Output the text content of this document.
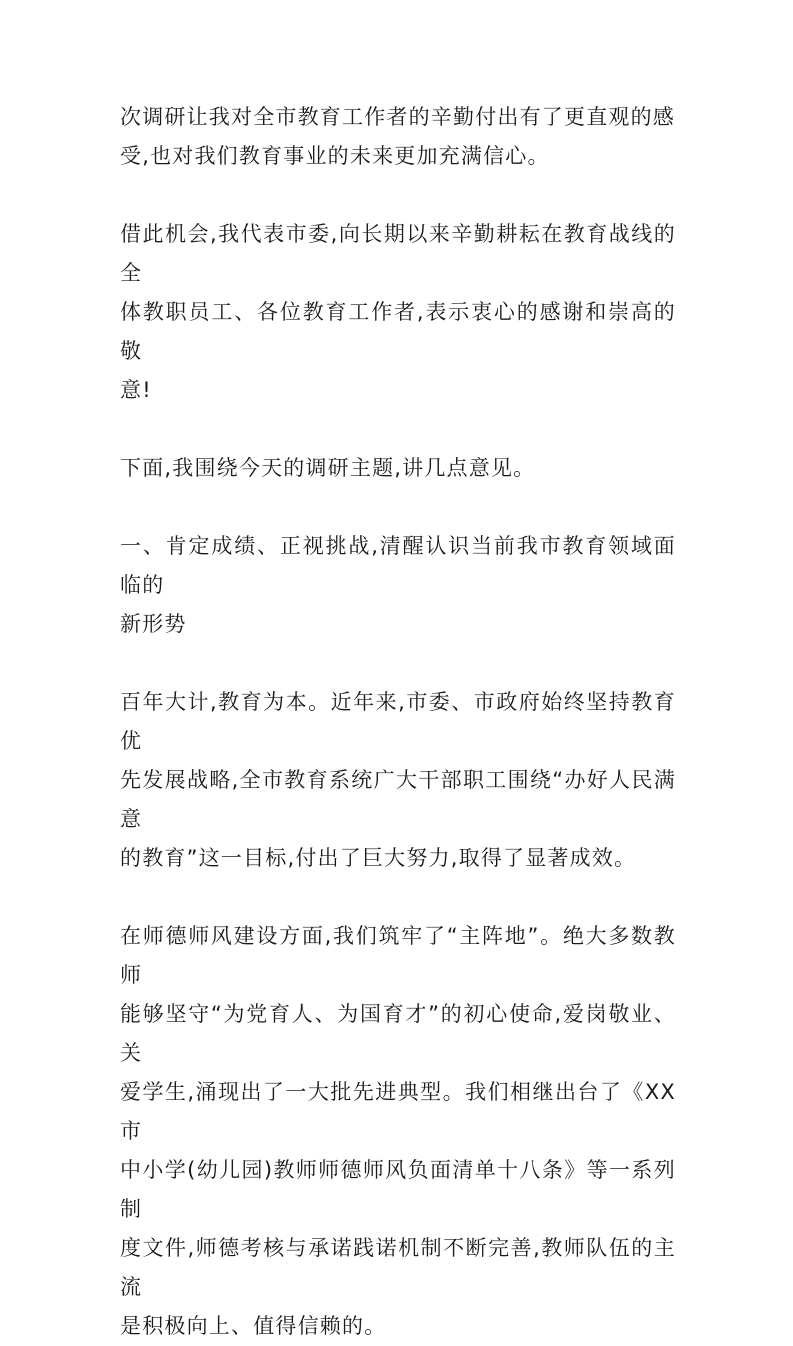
次调研让我对全市教育工作者的辛勤付出有了更直观的感
受,也对我们教育事业的未来更加充满信心。

借此机会,我代表市委,向长期以来辛勤耕耘在教育战线的全
体教职员工、各位教育工作者,表示衷心的感谢和崇高的敬
意!

下面,我围绕今天的调研主题,讲几点意见。

一、肯定成绩、正视挑战,清醒认识当前我市教育领域面临的
新形势

百年大计,教育为本。近年来,市委、市政府始终坚持教育优
先发展战略,全市教育系统广大干部职工围绕“办好人民满意
的教育”这一目标,付出了巨大努力,取得了显著成效。

在师德师风建设方面,我们筑牢了“主阵地”。绝大多数教师
能够坚守“为党育人、为国育才”的初心使命,爱岗敬业、关
爱学生,涌现出了一大批先进典型。我们相继出台了《XX市
中小学(幼儿园)教师师德师风负面清单十八条》等一系列制
度文件,师德考核与承诺践诺机制不断完善,教师队伍的主流
是积极向上、值得信赖的。
